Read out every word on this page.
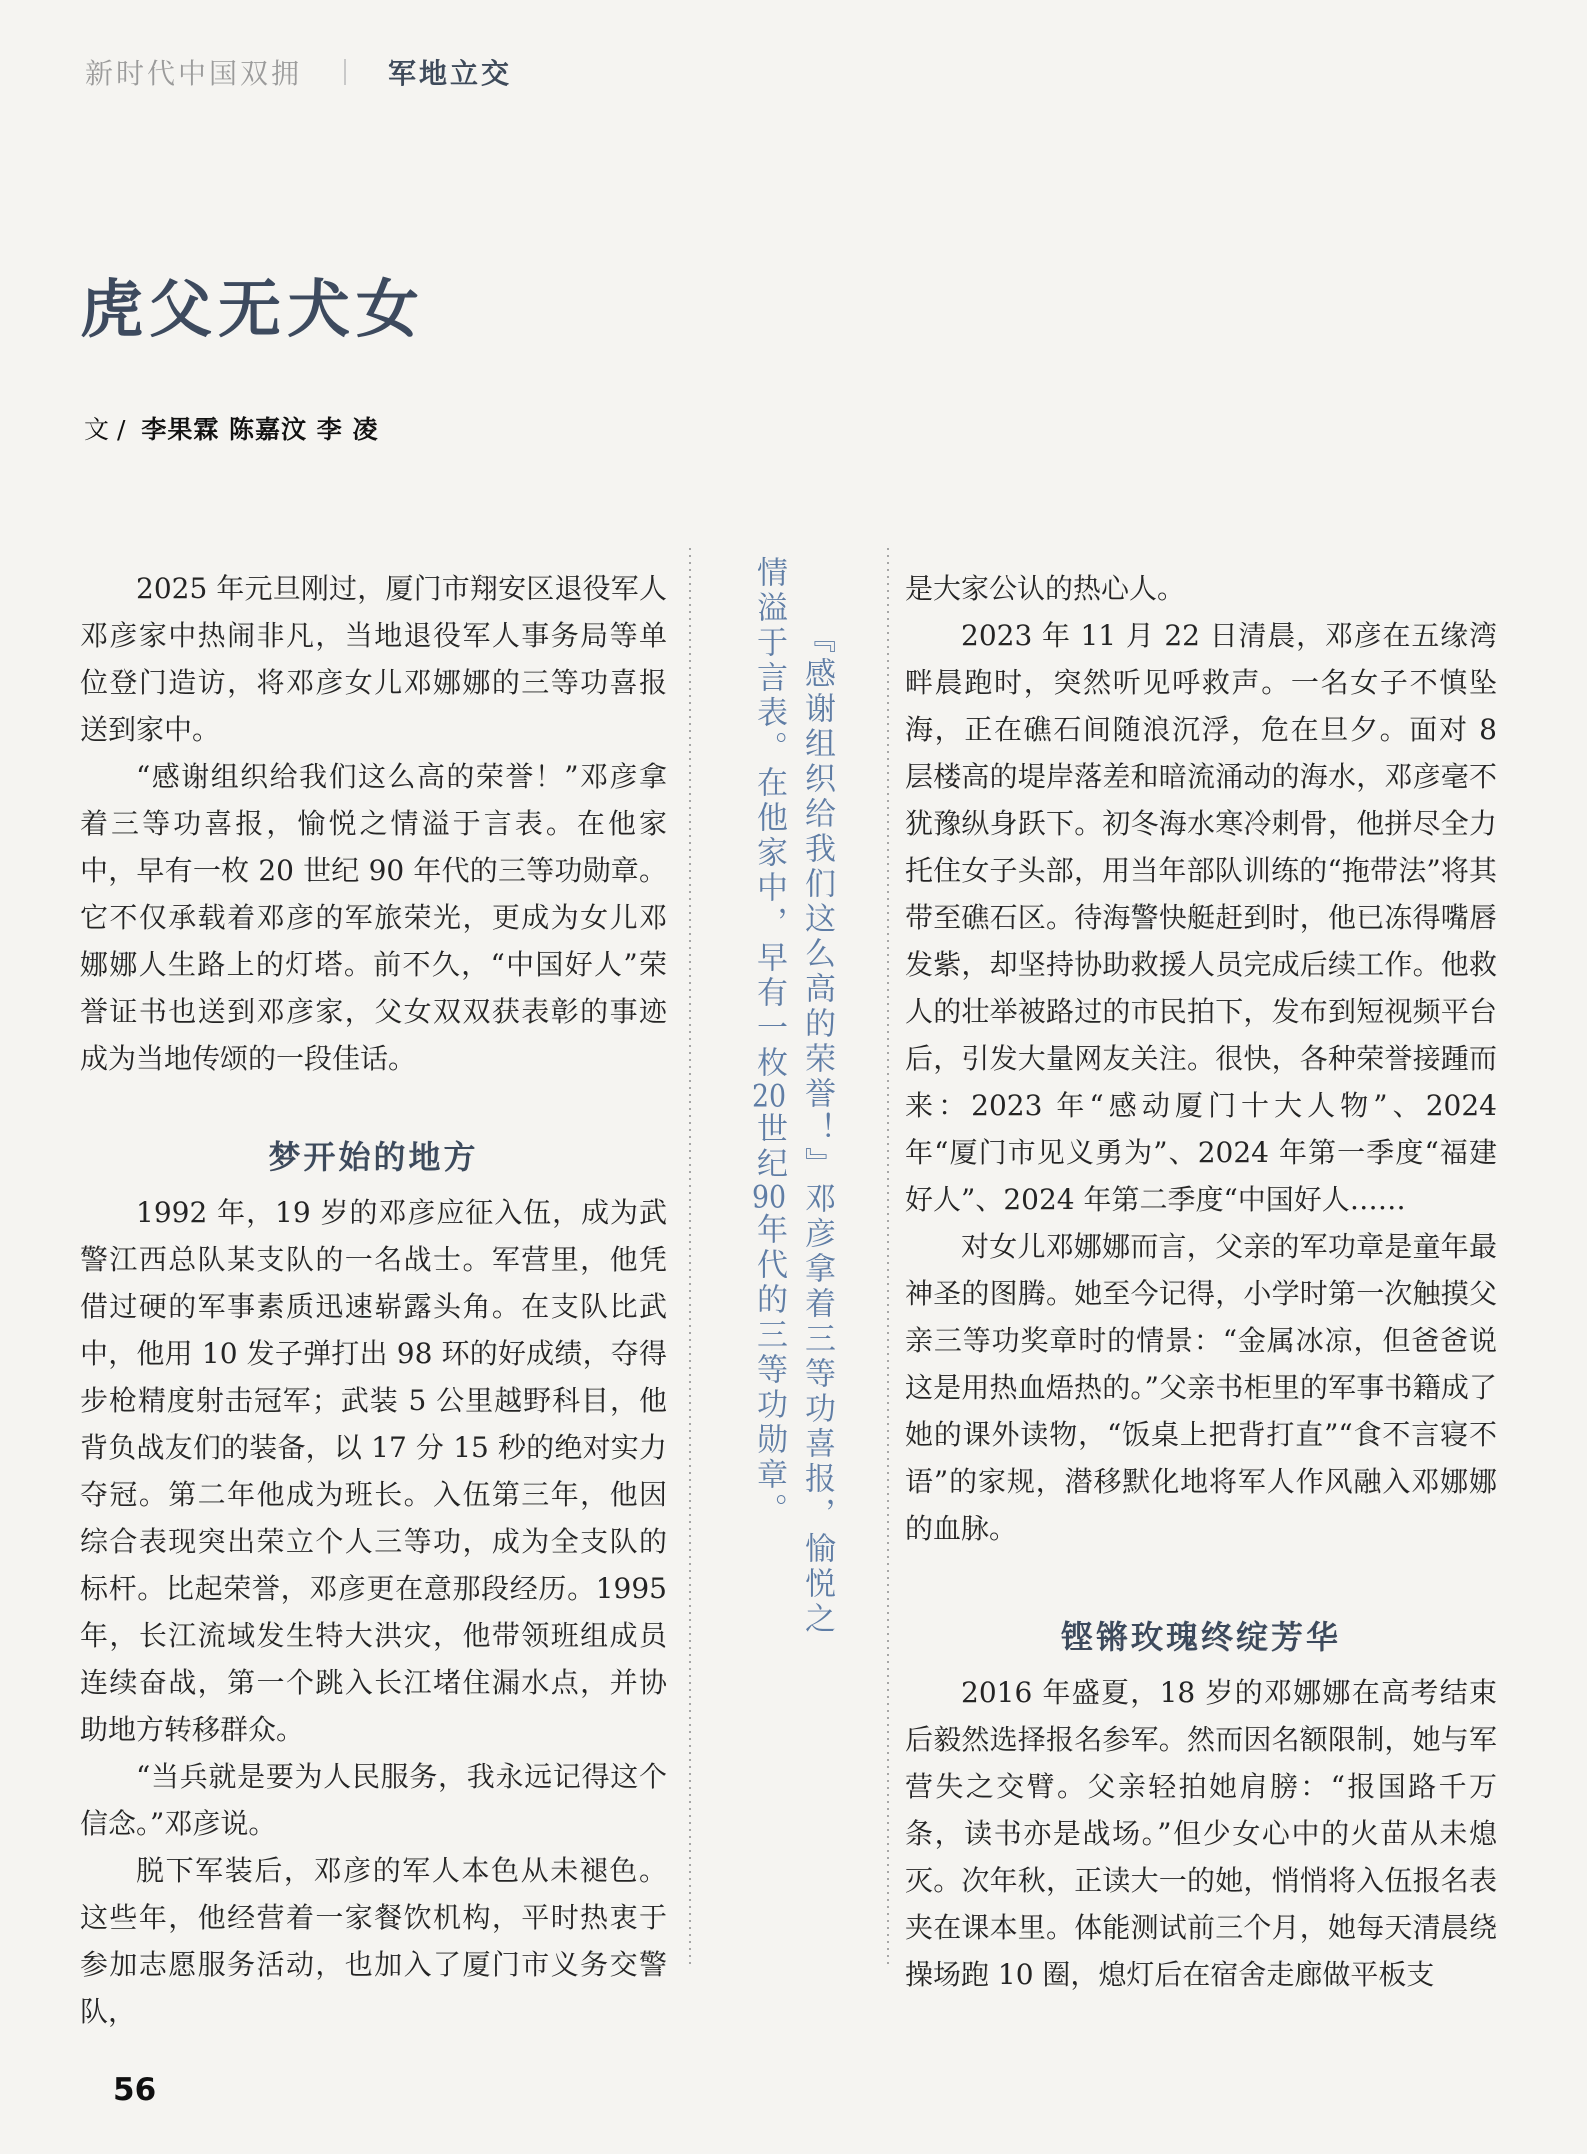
新时代中国双拥	军地立交
虎父无犬女
文 / 李果霖 陈嘉汶 李 凌

2025 年元旦刚过，厦门市翔安区退役军人邓彦家中热闹非凡，当地退役军人事务局等单位登门造访，将邓彦女儿邓娜娜的三等功喜报送到家中。

“感谢组织给我们这么高的荣誉！”邓彦拿着三等功喜报，愉悦之情溢于言表。在他家中，早有一枚 20 世纪 90 年代的三等功勋章。它不仅承载着邓彦的军旅荣光，更成为女儿邓娜娜人生路上的灯塔。前不久，“中国好人”荣誉证书也送到邓彦家，父女双双获表彰的事迹成为当地传颂的一段佳话。

梦开始的地方

1992 年，19 岁的邓彦应征入伍，成为武警江西总队某支队的一名战士。军营里，他凭借过硬的军事素质迅速崭露头角。在支队比武中，他用 10 发子弹打出 98 环的好成绩，夺得步枪精度射击冠军；武装 5 公里越野科目，他背负战友们的装备，以 17 分 15 秒的绝对实力夺冠。第二年他成为班长。入伍第三年，他因综合表现突出荣立个人三等功，成为全支队的标杆。比起荣誉，邓彦更在意那段经历。1995 年，长江流域发生特大洪灾，他带领班组成员连续奋战，第一个跳入长江堵住漏水点，并协助地方转移群众。

“当兵就是要为人民服务，我永远记得这个信念。”邓彦说。

脱下军装后，邓彦的军人本色从未褪色。这些年，他经营着一家餐饮机构，平时热衷于参加志愿服务活动，也加入了厦门市义务交警队，

『感谢组织给我们这么高的荣誉！』邓彦拿着三等功喜报，愉悦之
情溢于言表。在他家中，早有一枚20世纪90年代的三等功勋章。

是大家公认的热心人。

2023 年 11 月 22 日清晨，邓彦在五缘湾畔晨跑时，突然听见呼救声。一名女子不慎坠海，正在礁石间随浪沉浮，危在旦夕。面对 8 层楼高的堤岸落差和暗流涌动的海水，邓彦毫不犹豫纵身跃下。初冬海水寒冷刺骨，他拼尽全力托住女子头部，用当年部队训练的“拖带法”将其带至礁石区。待海警快艇赶到时，他已冻得嘴唇发紫，却坚持协助救援人员完成后续工作。他救人的壮举被路过的市民拍下，发布到短视频平台后，引发大量网友关注。很快，各种荣誉接踵而来：2023 年“感动厦门十大人物”、2024 年“厦门市见义勇为”、2024 年第一季度“福建好人”、2024 年第二季度“中国好人……

对女儿邓娜娜而言，父亲的军功章是童年最神圣的图腾。她至今记得，小学时第一次触摸父亲三等功奖章时的情景：“金属冰凉，但爸爸说这是用热血焐热的。”父亲书柜里的军事书籍成了她的课外读物，“饭桌上把背打直”“食不言寝不语”的家规，潜移默化地将军人作风融入邓娜娜的血脉。

铿锵玫瑰终绽芳华

2016 年盛夏，18 岁的邓娜娜在高考结束后毅然选择报名参军。然而因名额限制，她与军营失之交臂。父亲轻拍她肩膀：“报国路千万条，读书亦是战场。”但少女心中的火苗从未熄灭。次年秋，正读大一的她，悄悄将入伍报名表夹在课本里。体能测试前三个月，她每天清晨绕操场跑 10 圈，熄灯后在宿舍走廊做平板支

56
